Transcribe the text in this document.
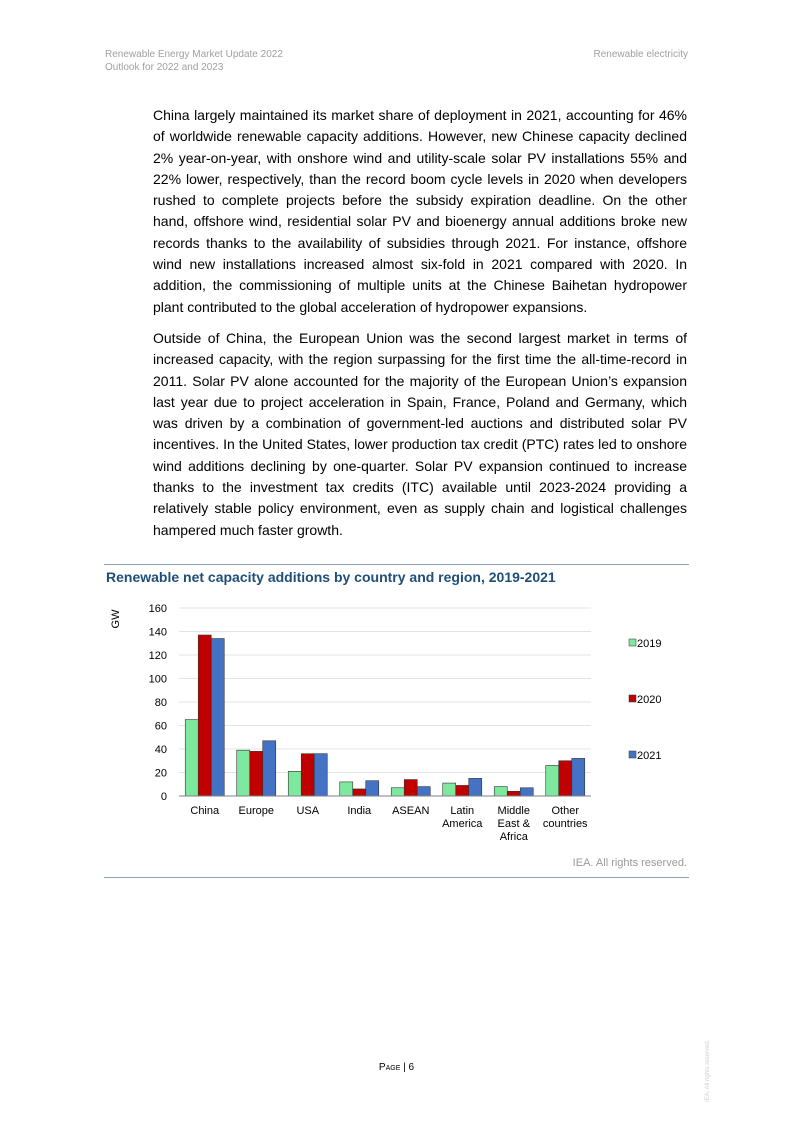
Renewable Energy Market Update 2022
Outlook for 2022 and 2023
Renewable electricity

China largely maintained its market share of deployment in 2021, accounting for 46% of worldwide renewable capacity additions. However, new Chinese capacity declined 2% year-on-year, with onshore wind and utility-scale solar PV installations 55% and 22% lower, respectively, than the record boom cycle levels in 2020 when developers rushed to complete projects before the subsidy expiration deadline. On the other hand, offshore wind, residential solar PV and bioenergy annual additions broke new records thanks to the availability of subsidies through 2021. For instance, offshore wind new installations increased almost six-fold in 2021 compared with 2020. In addition, the commissioning of multiple units at the Chinese Baihetan hydropower plant contributed to the global acceleration of hydropower expansions.

Outside of China, the European Union was the second largest market in terms of increased capacity, with the region surpassing for the first time the all-time-record in 2011. Solar PV alone accounted for the majority of the European Union’s expansion last year due to project acceleration in Spain, France, Poland and Germany, which was driven by a combination of government-led auctions and distributed solar PV incentives. In the United States, lower production tax credit (PTC) rates led to onshore wind additions declining by one-quarter. Solar PV expansion continued to increase thanks to the investment tax credits (ITC) available until 2023-2024 providing a relatively stable policy environment, even as supply chain and logistical challenges hampered much faster growth.

Renewable net capacity additions by country and region, 2019-2021
0
20
40
60
80
100
120
140
160
GW
China Europe USA	India ASEAN Latin
America
Middle
East &
Africa
Other
countries
2019
2020
2021
IEA. All rights reserved.
Page | 6	IEA. All rights reserved.
